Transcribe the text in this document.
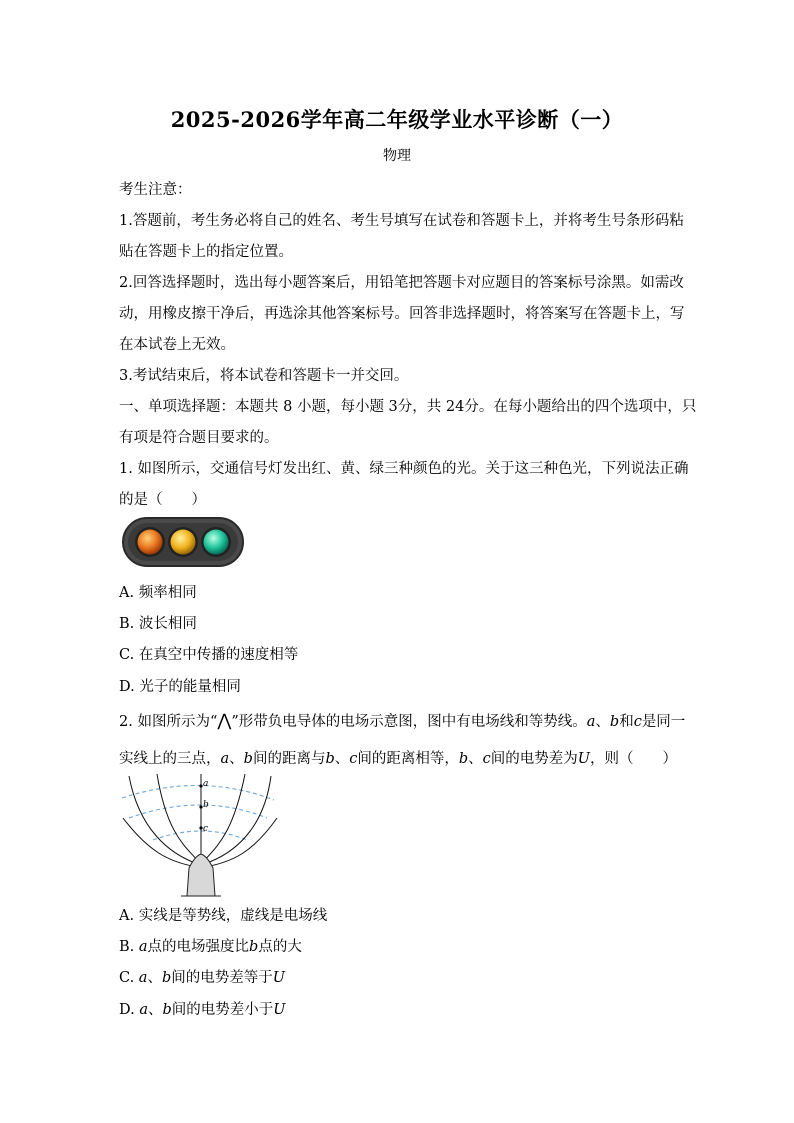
2025-2026学年高二年级学业水平诊断（一）
物理
考生注意：
1.答题前，考生务必将自己的姓名、考生号填写在试卷和答题卡上，并将考生号条形码粘
贴在答题卡上的指定位置。
2.回答选择题时，选出每小题答案后，用铅笔把答题卡对应题目的答案标号涂黑。如需改
动，用橡皮擦干净后，再选涂其他答案标号。回答非选择题时，将答案写在答题卡上，写
在本试卷上无效。
3.考试结束后，将本试卷和答题卡一并交回。
一、单项选择题：本题共 8 小题，每小题 3分，共 24分。在每小题给出的四个选项中，只
有项是符合题目要求的。
1. 如图所示，交通信号灯发出红、黄、绿三种颜色的光。关于这三种色光，下列说法正确
的是（　　）
A. 频率相同
B. 波长相同
C. 在真空中传播的速度相等
D. 光子的能量相同
2. 如图所示为“⋀”形带负电导体的电场示意图，图中有电场线和等势线。a、b和c是同一
实线上的三点，a、b间的距离与b、c间的距离相等，b、c间的电势差为U，则（　　）
a
b
c
A. 实线是等势线，虚线是电场线
B. a点的电场强度比b点的大
C. a、b间的电势差等于U
D. a、b间的电势差小于U
